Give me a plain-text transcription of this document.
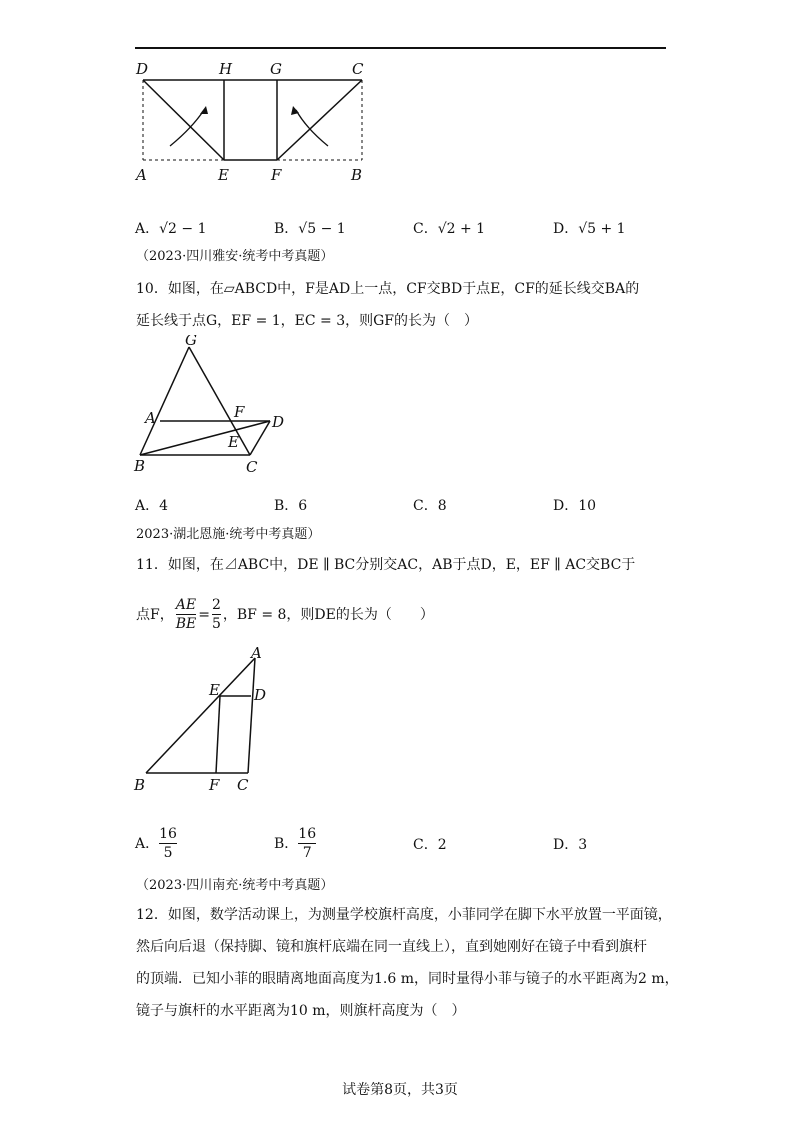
D	H	G	C
A	E	F	B
A．√2 − 1	B．√5 − 1	C．√2 + 1	D．√5 + 1
（2023·四川雅安·统考中考真题）
10．如图，在▱ABCD中，F是AD上一点，CF交BD于点E，CF的延长线交BA的
延长线于点G，EF = 1，EC = 3，则GF的长为（　）
G
A	F
D
E
B	C
A．4	B．6	C．8	D．10
2023·湖北恩施·统考中考真题）
11．如图，在⊿ABC中，DE ∥ BC分别交AC，AB于点D，E，EF ∥ AC交BC于
点F， $\frac{AE}{BE} = \frac{2}{5}$ ，BF = 8，则DE的长为（　　）
A
E D
B	F C
A． $\frac{16}{5}$	B． $\frac{16}{7}$	C．2	D．3
（2023·四川南充·统考中考真题）
12．如图，数学活动课上，为测量学校旗杆高度，小菲同学在脚下水平放置一平面镜，
然后向后退（保持脚、镜和旗杆底端在同一直线上），直到她刚好在镜子中看到旗杆
的顶端．已知小菲的眼睛离地面高度为1.6 m，同时量得小菲与镜子的水平距离为2 m，
镜子与旗杆的水平距离为10 m，则旗杆高度为（　）
试卷第8页，共3页
